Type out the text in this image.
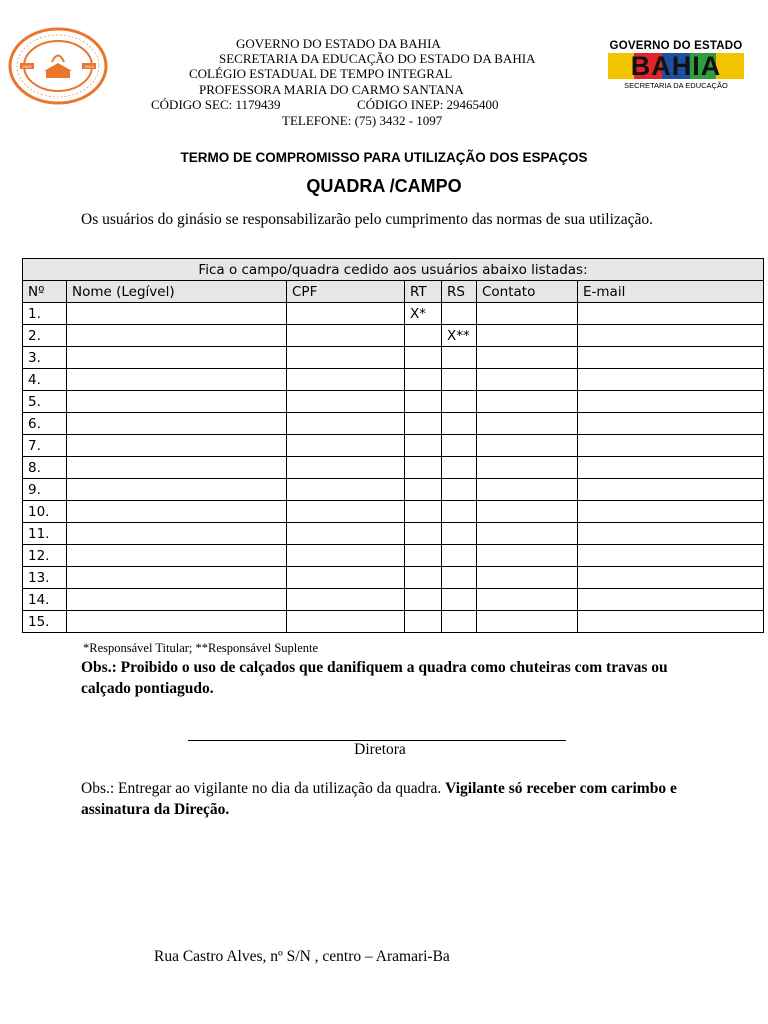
2000	2013
GOVERNO DO ESTADO DA BAHIA
SECRETARIA DA EDUCAÇÃO DO ESTADO DA BAHIA
COLÉGIO ESTADUAL DE TEMPO INTEGRAL
PROFESSORA MARIA DO CARMO SANTANA
CÓDIGO SEC: 1179439	CÓDIGO INEP: 29465400
TELEFONE: (75) 3432 - 1097
GOVERNO DO ESTADO
BAHIA
SECRETARIA DA EDUCAÇÃO
TERMO DE COMPROMISSO PARA UTILIZAÇÃO DOS ESPAÇOS
QUADRA /CAMPO
Os usuários do ginásio se responsabilizarão pelo cumprimento das normas de sua utilização.
Fica o campo/quadra cedido aos usuários abaixo listadas:						
Nº	Nome (Legível)	CPF	RT	RS	Contato	E-mail
1.			X*			
2.				X**		
3.						
4.						
5.						
6.						
7.						
8.						
9.						
10.						
11.						
12.						
13.						
14.						
15.						
*Responsável Titular; **Responsável Suplente
Obs.: Proibido o uso de calçados que danifiquem a quadra como chuteiras com travas ou calçado pontiagudo.
Diretora
Obs.: Entregar ao vigilante no dia da utilização da quadra. Vigilante só receber com carimbo e assinatura da Direção.
Rua Castro Alves, nº S/N , centro – Aramari-Ba
